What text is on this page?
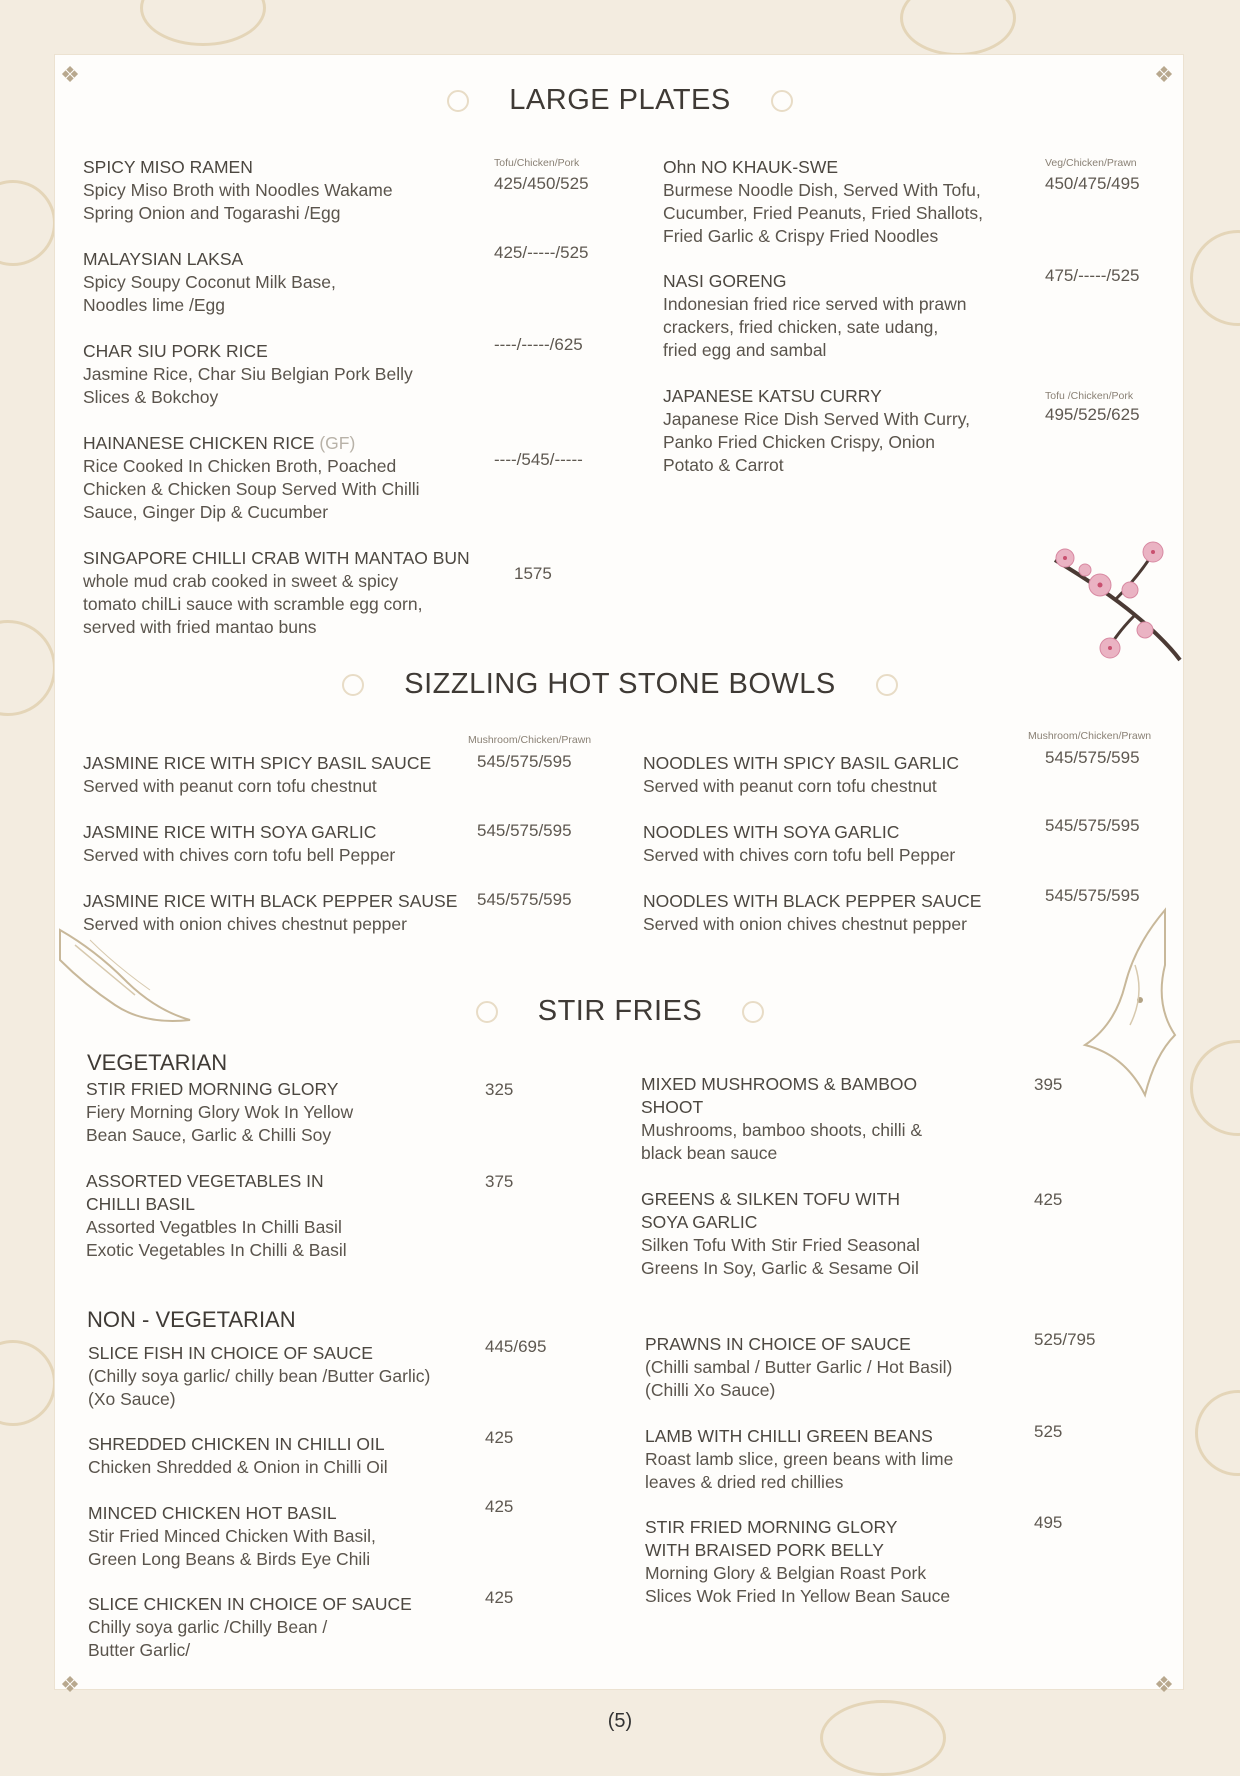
❖	❖
❖	❖
LARGE PLATES
Tofu/Chicken/Pork
SPICY MISO RAMEN
Spicy Miso Broth with Noodles Wakame
Spring Onion and Togarashi /Egg
425/450/525
MALAYSIAN LAKSA
Spicy Soupy Coconut Milk Base,
Noodles lime /Egg
425/-----/525
CHAR SIU PORK RICE
Jasmine Rice, Char Siu Belgian Pork Belly
Slices & Bokchoy
----/-----/625
HAINANESE CHICKEN RICE (GF)
Rice Cooked In Chicken Broth, Poached
Chicken & Chicken Soup Served With Chilli
Sauce, Ginger Dip & Cucumber
----/545/-----
SINGAPORE CHILLI CRAB WITH MANTAO BUN
whole mud crab cooked in sweet & spicy
tomato chilLi sauce with scramble egg corn,
served with fried mantao buns
1575
Veg/Chicken/Prawn
Ohn NO KHAUK-SWE
Burmese Noodle Dish, Served With Tofu,
Cucumber, Fried Peanuts, Fried Shallots,
Fried Garlic & Crispy Fried Noodles
450/475/495
NASI GORENG
Indonesian fried rice served with prawn
crackers, fried chicken, sate udang,
fried egg and sambal
475/-----/525
Tofu /Chicken/Pork
JAPANESE KATSU CURRY
Japanese Rice Dish Served With Curry,
Panko Fried Chicken Crispy, Onion
Potato & Carrot
495/525/625
SIZZLING HOT STONE BOWLS
Mushroom/Chicken/Prawn	Mushroom/Chicken/Prawn
JASMINE RICE WITH SPICY BASIL SAUCE
Served with peanut corn tofu chestnut
545/575/595
JASMINE RICE WITH SOYA GARLIC
Served with chives corn tofu bell Pepper
545/575/595
JASMINE RICE WITH BLACK PEPPER SAUSE
Served with onion chives chestnut pepper
545/575/595
NOODLES WITH SPICY BASIL GARLIC
Served with peanut corn tofu chestnut
545/575/595
NOODLES WITH SOYA GARLIC
Served with chives corn tofu bell Pepper
545/575/595
NOODLES WITH BLACK PEPPER SAUCE
Served with onion chives chestnut pepper
545/575/595
STIR FRIES
VEGETARIAN
STIR FRIED MORNING GLORY
Fiery Morning Glory Wok In Yellow
Bean Sauce, Garlic & Chilli Soy
325
ASSORTED VEGETABLES IN
CHILLI BASIL
Assorted Vegatbles In Chilli Basil
Exotic Vegetables In Chilli & Basil
375
MIXED MUSHROOMS & BAMBOO
SHOOT
Mushrooms, bamboo shoots, chilli &
black bean sauce
395
GREENS & SILKEN TOFU WITH
SOYA GARLIC
Silken Tofu With Stir Fried Seasonal
Greens In Soy, Garlic & Sesame Oil
425
NON - VEGETARIAN
SLICE FISH IN CHOICE OF SAUCE
(Chilly soya garlic/ chilly bean /Butter Garlic)
(Xo Sauce)
445/695
SHREDDED CHICKEN IN CHILLI OIL
Chicken Shredded & Onion in Chilli Oil
425
MINCED CHICKEN HOT BASIL
Stir Fried Minced Chicken With Basil,
Green Long Beans & Birds Eye Chili
425
SLICE CHICKEN IN CHOICE OF SAUCE
Chilly soya garlic /Chilly Bean /
Butter Garlic/
425
PRAWNS IN CHOICE OF SAUCE
(Chilli sambal / Butter Garlic / Hot Basil)
(Chilli Xo Sauce)
525/795
LAMB WITH CHILLI GREEN BEANS
Roast lamb slice, green beans with lime
leaves & dried red chillies
525
STIR FRIED MORNING GLORY
WITH BRAISED PORK BELLY
Morning Glory & Belgian Roast Pork
Slices Wok Fried In Yellow Bean Sauce
495
(5)
